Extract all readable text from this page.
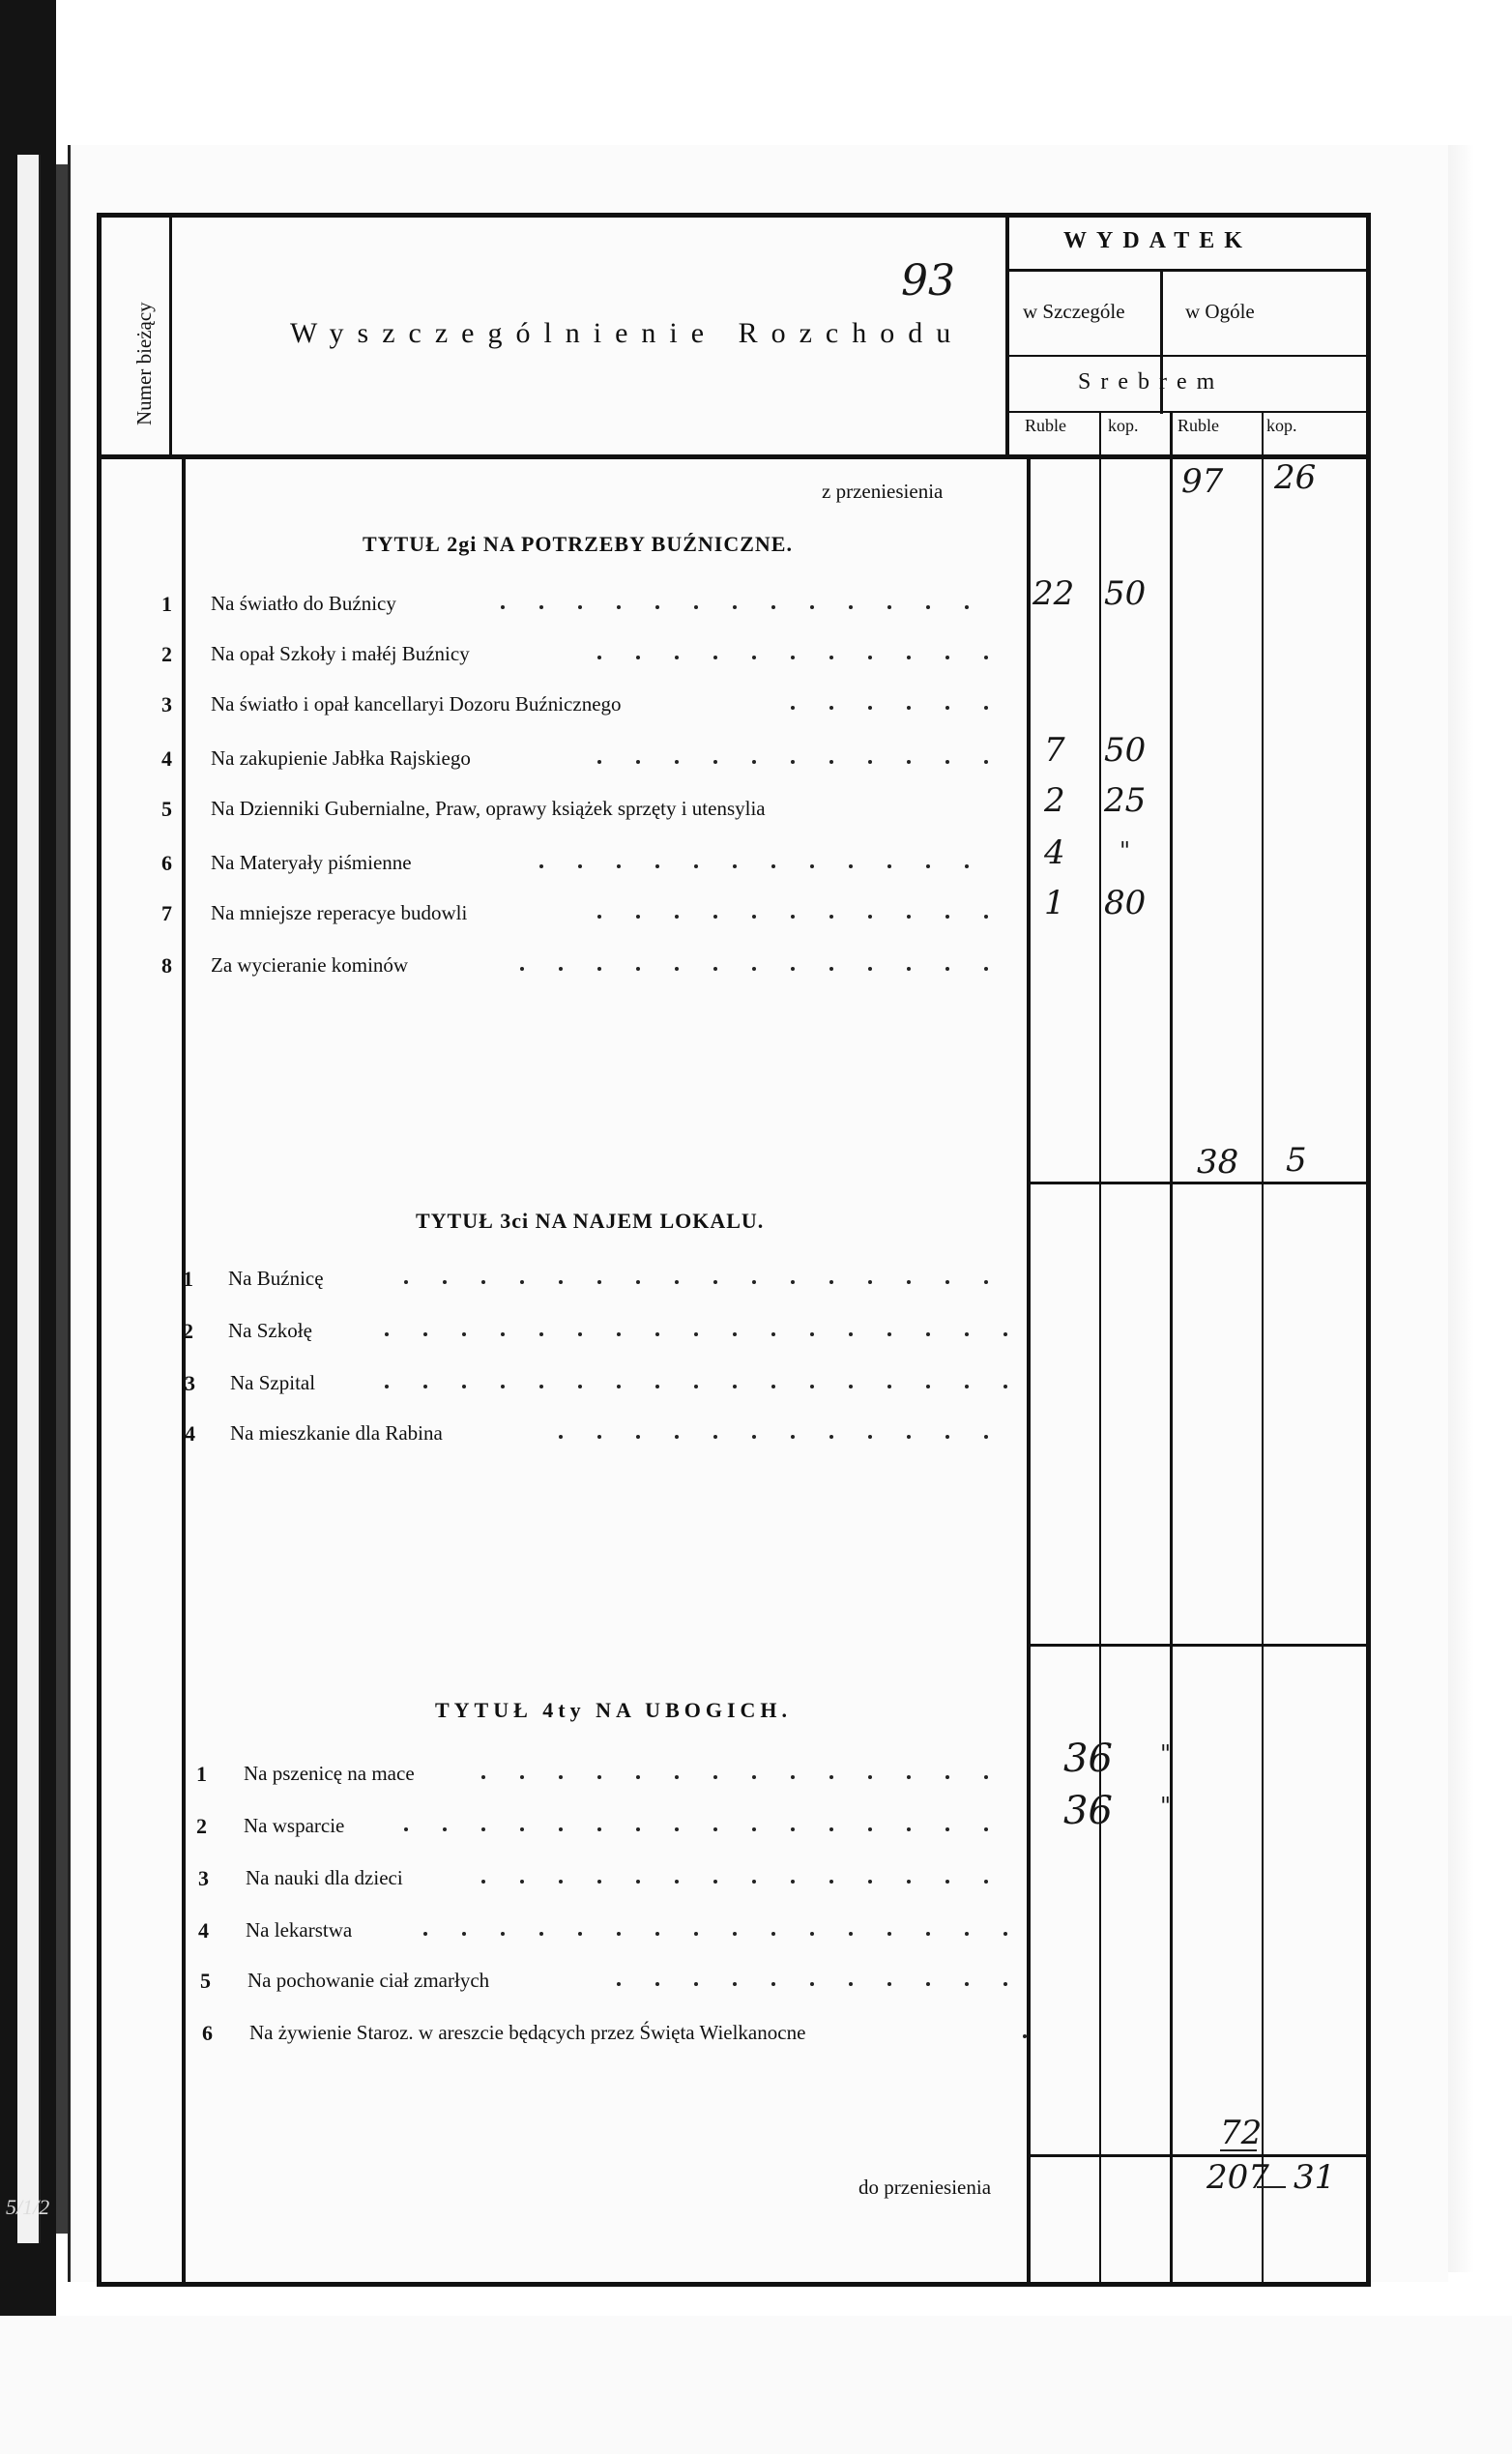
Numer bieżący	Wyszczególnienie Rozchodu
93
WYDATEK
w Szczególe	w Ogóle
Srebrem
Ruble kop. Ruble	kop.
z przeniesienia	97 26
TYTUŁ 2gi NA POTRZEBY BUŹNICZNE.
1 Na światło do Buźnicy	22 50
2 Na opał Szkoły i małéj Buźnicy
3 Na światło i opał kancellaryi Dozoru Buźnicznego
4 Na zakupienie Jabłka Rajskiego	7 50
5 Na Dzienniki Gubernialne, Praw, oprawy książek sprzęty i utensylia	2 25
6 Na Materyały piśmienne	4 "
7 Na mniejsze reperacye budowli	1 80
8 Za wycieranie kominów
38 5
TYTUŁ 3ci NA NAJEM LOKALU.
1 Na Buźnicę
2 Na Szkołę
3 Na Szpital
4 Na mieszkanie dla Rabina
TYTUŁ 4ty NA UBOGICH.
1 Na pszenicę na mace	36 "
2 Na wsparcie	36 "
3 Na nauki dla dzieci
4 Na lekarstwa
5 Na pochowanie ciał zmarłych
6 Na żywienie Staroz. w areszcie będących przez Święta Wielkanocne
72
do przeniesienia	207 31
5/1/2
